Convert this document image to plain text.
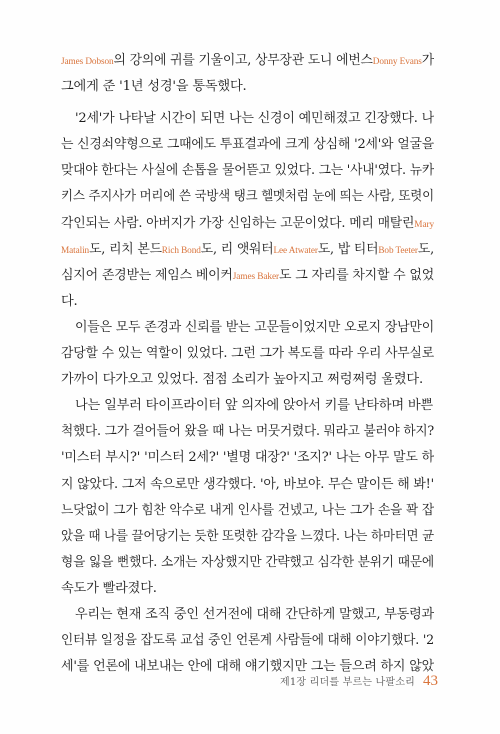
James Dobson의 강의에 귀를 기울이고, 상무장관 도니 에번스Donny Evans가
그에게 준 '1년 성경'을 통독했다.
'2세'가 나타날 시간이 되면 나는 신경이 예민해졌고 긴장했다. 나
는 신경쇠약형으로 그때에도 투표결과에 크게 상심해 '2세'와 얼굴을
맞대야 한다는 사실에 손톱을 물어뜯고 있었다. 그는 '사내'였다. 뉴카
키스 주지사가 머리에 쓴 국방색 탱크 헬멧처럼 눈에 띄는 사람, 또렷이
각인되는 사람. 아버지가 가장 신임하는 고문이었다. 메리 매탈린Mary
Matalin도, 리치 본드Rich Bond도, 리 앳워터Lee Atwater도, 밥 티터Bob Teeter도,
심지어 존경받는 제임스 베이커James Baker도 그 자리를 차지할 수 없었
다.
이들은 모두 존경과 신뢰를 받는 고문들이었지만 오로지 장남만이
감당할 수 있는 역할이 있었다. 그런 그가 복도를 따라 우리 사무실로
가까이 다가오고 있었다. 점점 소리가 높아지고 쩌렁쩌렁 울렸다.
나는 일부러 타이프라이터 앞 의자에 앉아서 키를 난타하며 바쁜
척했다. 그가 걸어들어 왔을 때 나는 머뭇거렸다. 뭐라고 불러야 하지?
'미스터 부시?' '미스터 2세?' '별명 대장?' '조지?' 나는 아무 말도 하
지 않았다. 그저 속으로만 생각했다. '아, 바보야. 무슨 말이든 해 봐!'
느닷없이 그가 힘찬 악수로 내게 인사를 건넸고, 나는 그가 손을 꽉 잡
았을 때 나를 끌어당기는 듯한 또렷한 감각을 느꼈다. 나는 하마터면 균
형을 잃을 뻔했다. 소개는 자상했지만 간략했고 심각한 분위기 때문에
속도가 빨라졌다.
우리는 현재 조직 중인 선거전에 대해 간단하게 말했고, 부동령과
인터뷰 일정을 잡도록 교섭 중인 언론계 사람들에 대해 이야기했다. '2
세'를 언론에 내보내는 안에 대해 얘기했지만 그는 들으려 하지 않았
제1장 리더를 부르는 나팔소리 43
